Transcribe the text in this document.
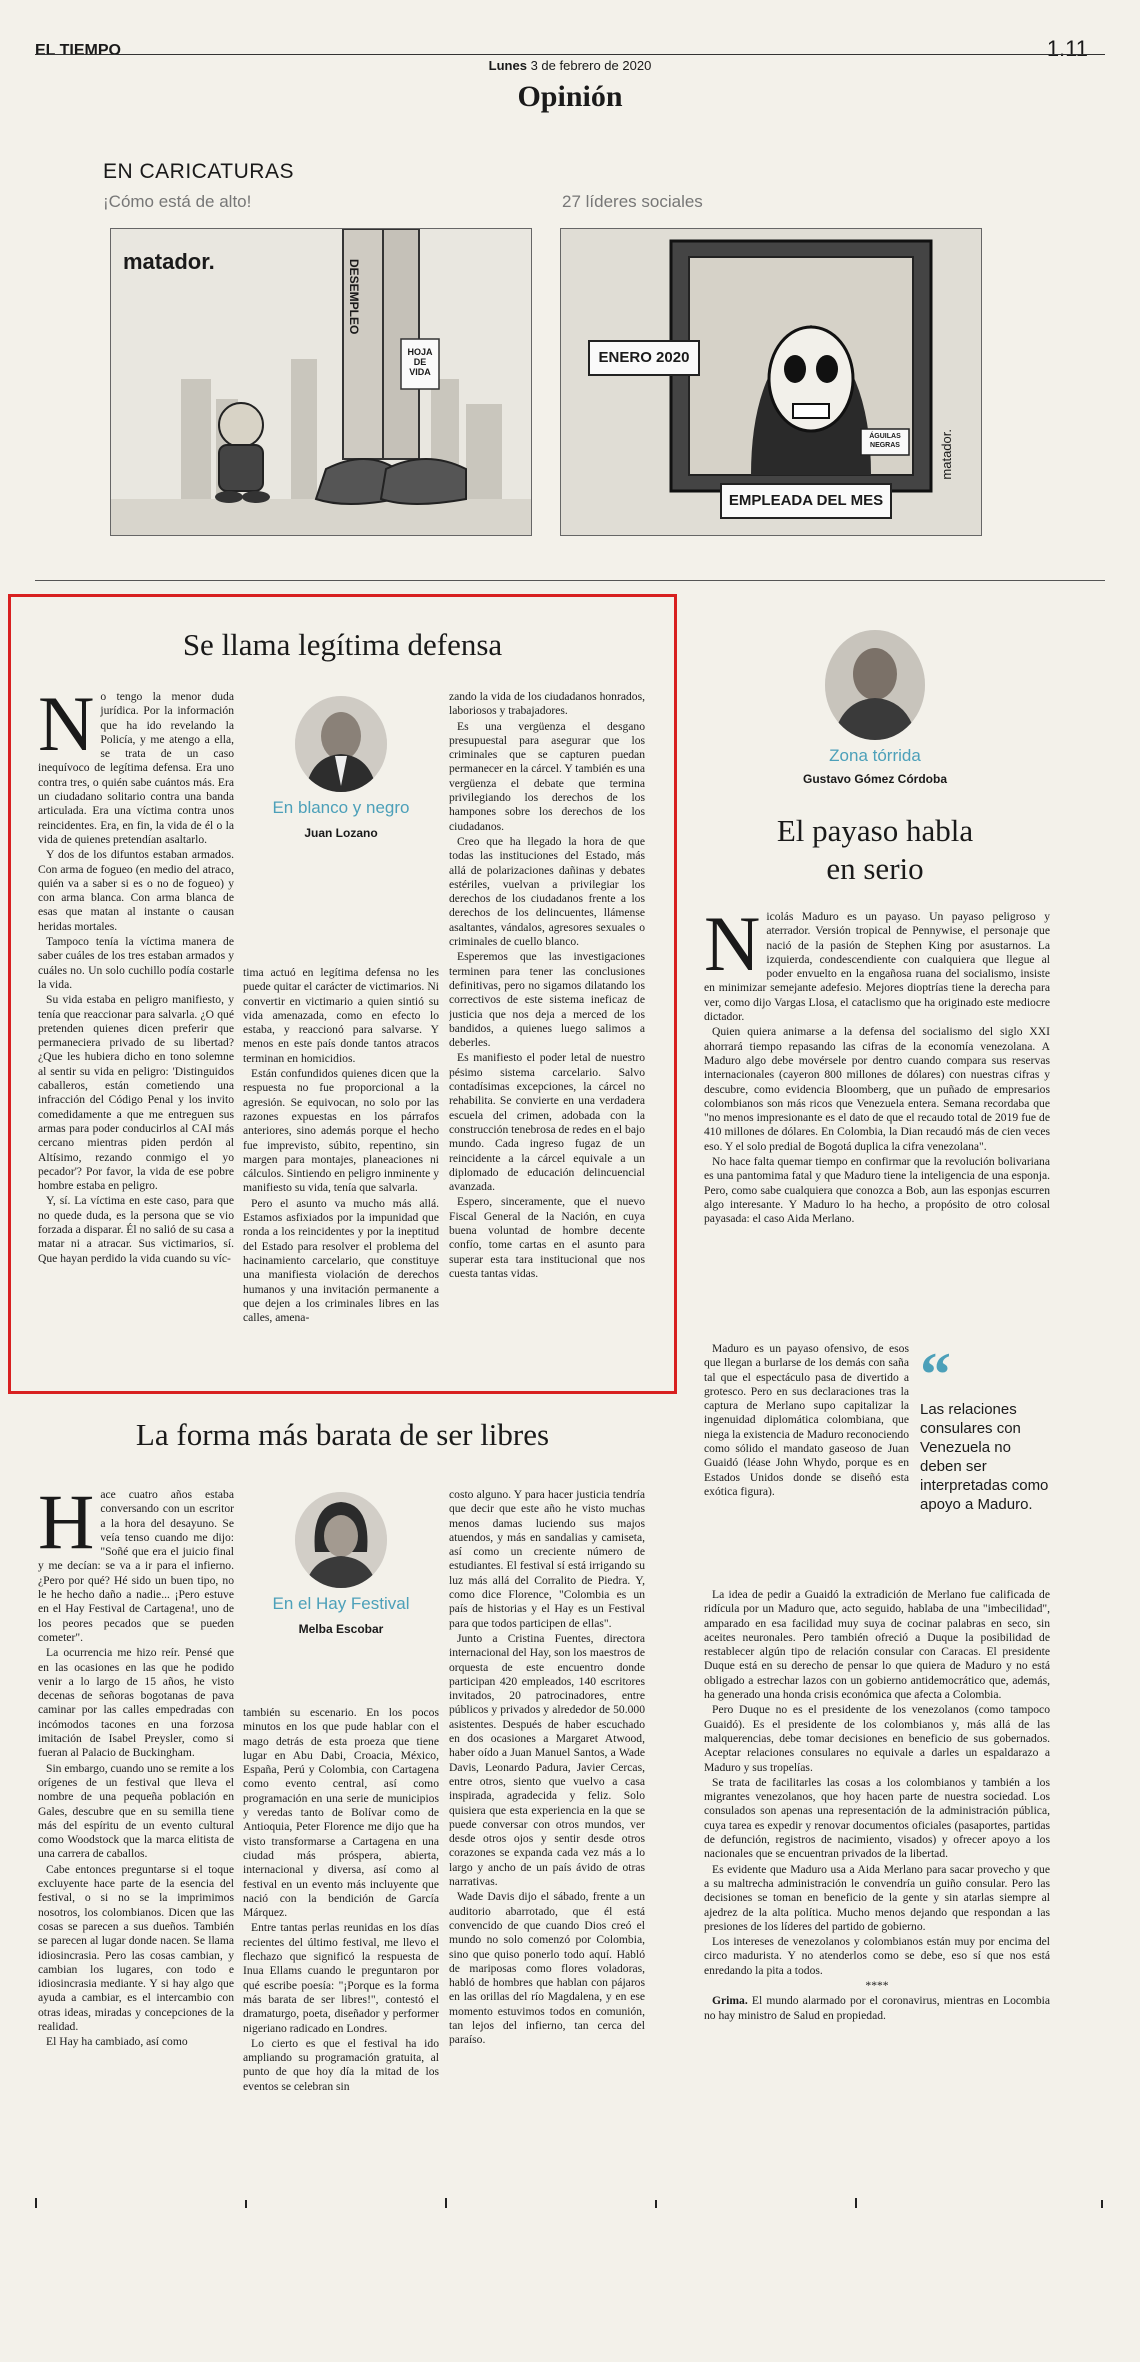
EL TIEMPO	1.11
Lunes 3 de febrero de 2020
Opinión
EN CARICATURAS
¡Cómo está de alto!	27 líderes sociales
matador.	DESEMPLEO
HOJA DE VIDA
ENERO 2020
ÁGUILAS NEGRAS
EMPLEADA DEL MES
matador.
Se llama legítima defensa
N o tengo la menor duda jurídica. Por la información que ha ido revelando la Policía, y me atengo a ella, se trata de un caso inequívoco de legítima defensa. Era uno contra tres, o quién sabe cuántos más. Era un ciudadano solitario contra una banda articulada. Era una víctima contra unos reincidentes. Era, en fin, la vida de él o la vida de quienes pretendían asaltarlo.

Y dos de los difuntos estaban armados. Con arma de fogueo (en medio del atraco, quién va a saber si es o no de fogueo) y con arma blanca. Con arma blanca de esas que matan al instante o causan heridas mortales.

Tampoco tenía la víctima manera de saber cuáles de los tres estaban armados y cuáles no. Un solo cuchillo podía costarle la vida.

Su vida estaba en peligro manifiesto, y tenía que reaccionar para salvarla. ¿O qué pretenden quienes dicen preferir que permaneciera privado de su libertad? ¿Que les hubiera dicho en tono solemne al sentir su vida en peligro: 'Distinguidos caballeros, están cometiendo una infracción del Código Penal y los invito comedidamente a que me entreguen sus armas para poder conducirlos al CAI más cercano mientras piden perdón al Altísimo, rezando conmigo el yo pecador'? Por favor, la vida de ese pobre hombre estaba en peligro.

Y, sí. La víctima en este caso, para que no quede duda, es la persona que se vio forzada a disparar. Él no salió de su casa a matar ni a atracar. Sus victimarios, sí. Que hayan perdido la vida cuando su víc-

En blanco y negro
Juan Lozano

tima actuó en legítima defensa no les puede quitar el carácter de victimarios. Ni convertir en victimario a quien sintió su vida amenazada, como en efecto lo estaba, y reaccionó para salvarse. Y menos en este país donde tantos atracos terminan en homicidios.

Están confundidos quienes dicen que la respuesta no fue proporcional a la agresión. Se equivocan, no solo por las razones expuestas en los párrafos anteriores, sino además porque el hecho fue imprevisto, súbito, repentino, sin margen para montajes, planeaciones ni cálculos. Sintiendo en peligro inminente y manifiesto su vida, tenía que salvarla.

Pero el asunto va mucho más allá. Estamos asfixiados por la impunidad que ronda a los reincidentes y por la ineptitud del Estado para resolver el problema del hacinamiento carcelario, que constituye una manifiesta violación de derechos humanos y una invitación permanente a que dejen a los criminales libres en las calles, amena-

zando la vida de los ciudadanos honrados, laboriosos y trabajadores.

Es una vergüenza el desgano presupuestal para asegurar que los criminales que se capturen puedan permanecer en la cárcel. Y también es una vergüenza el debate que termina privilegiando los derechos de los hampones sobre los derechos de los ciudadanos.

Creo que ha llegado la hora de que todas las instituciones del Estado, más allá de polarizaciones dañinas y debates estériles, vuelvan a privilegiar los derechos de los ciudadanos frente a los derechos de los delincuentes, llámense asaltantes, vándalos, agresores sexuales o criminales de cuello blanco.

Esperemos que las investigaciones terminen para tener las conclusiones definitivas, pero no sigamos dilatando los correctivos de este sistema ineficaz de justicia que nos deja a merced de los bandidos, a quienes luego salimos a deberles.

Es manifiesto el poder letal de nuestro pésimo sistema carcelario. Salvo contadísimas excepciones, la cárcel no rehabilita. Se convierte en una verdadera escuela del crimen, adobada con la construcción tenebrosa de redes en el bajo mundo. Cada ingreso fugaz de un reincidente a la cárcel equivale a un diplomado de educación delincuencial avanzada.

Espero, sinceramente, que el nuevo Fiscal General de la Nación, en cuya buena voluntad de hombre decente confío, tome cartas en el asunto para superar esta tara institucional que nos cuesta tantas vidas.

Zona tórrida
Gustavo Gómez Córdoba
El payaso habla
en serio
N icolás Maduro es un payaso. Un payaso peligroso y aterrador. Versión tropical de Pennywise, el personaje que nació de la pasión de Stephen King por asustarnos. La izquierda, condescendiente con cualquiera que llegue al poder envuelto en la engañosa ruana del socialismo, insiste en minimizar semejante adefesio. Mejores dioptrías tiene la derecha para ver, como dijo Vargas Llosa, el cataclismo que ha originado este mediocre dictador.

Quien quiera animarse a la defensa del socialismo del siglo XXI ahorrará tiempo repasando las cifras de la economía venezolana. A Maduro algo debe movérsele por dentro cuando compara sus reservas internacionales (cayeron 800 millones de dólares) con nuestras cifras y descubre, como evidencia Bloomberg, que un puñado de empresarios colombianos son más ricos que Venezuela entera. Semana recordaba que "no menos impresionante es el dato de que el recaudo total de 2019 fue de 410 millones de dólares. En Colombia, la Dian recaudó más de cien veces eso. Y el solo predial de Bogotá duplica la cifra venezolana".

No hace falta quemar tiempo en confirmar que la revolución bolivariana es una pantomima fatal y que Maduro tiene la inteligencia de una esponja. Pero, como sabe cualquiera que conozca a Bob, aun las esponjas escurren algo interesante. Y Maduro lo ha hecho, a propósito de otro colosal payasada: el caso Aida Merlano.

Maduro es un payaso ofensivo, de esos que llegan a burlarse de los demás con saña tal que el espectáculo pasa de divertido a grotesco. Pero en sus declaraciones tras la captura de Merlano supo capitalizar la ingenuidad diplomática colombiana, que niega la existencia de Maduro reconociendo como sólido el mandato gaseoso de Juan Guaidó (léase John Whydo, porque es en Estados Unidos donde se diseñó esta exótica figura).

“
Las relaciones consulares con Venezuela no deben ser interpretadas como apoyo a Maduro.

La idea de pedir a Guaidó la extradición de Merlano fue calificada de ridícula por un Maduro que, acto seguido, hablaba de una "imbecilidad", amparado en esa facilidad muy suya de cocinar palabras en seco, sin aceites neuronales. Pero también ofreció a Duque la posibilidad de restablecer algún tipo de relación consular con Caracas. El presidente Duque está en su derecho de pensar lo que quiera de Maduro y no está obligado a estrechar lazos con un gobierno antidemocrático que, además, ha generado una honda crisis económica que afecta a Colombia.

Pero Duque no es el presidente de los venezolanos (como tampoco Guaidó). Es el presidente de los colombianos y, más allá de las malquerencias, debe tomar decisiones en beneficio de sus gobernados. Aceptar relaciones consulares no equivale a darles un espaldarazo a Maduro y sus tropelías.

Se trata de facilitarles las cosas a los colombianos y también a los migrantes venezolanos, que hoy hacen parte de nuestra sociedad. Los consulados son apenas una representación de la administración pública, cuya tarea es expedir y renovar documentos oficiales (pasaportes, partidas de defunción, registros de nacimiento, visados) y ofrecer apoyo a los nacionales que se encuentran privados de la libertad.

Es evidente que Maduro usa a Aida Merlano para sacar provecho y que a su maltrecha administración le convendría un guiño consular. Pero las decisiones se toman en beneficio de la gente y sin atarlas siempre al ajedrez de la alta política. Mucho menos dejando que respondan a las presiones de los líderes del partido de gobierno.

Los intereses de venezolanos y colombianos están muy por encima del circo madurista. Y no atenderlos como se debe, eso sí que nos está enredando la pita a todos.

****

Grima. El mundo alarmado por el coronavirus, mientras en Locombia no hay ministro de Salud en propiedad.

La forma más barata de ser libres
H ace cuatro años estaba conversando con un escritor a la hora del desayuno. Se veía tenso cuando me dijo: "Soñé que era el juicio final y me decían: se va a ir para el infierno. ¿Pero por qué? Hé sido un buen tipo, no le he hecho daño a nadie... ¡Pero estuve en el Hay Festival de Cartagena!, uno de los peores pecados que se pueden cometer".

La ocurrencia me hizo reír. Pensé que en las ocasiones en las que he podido venir a lo largo de 15 años, he visto decenas de señoras bogotanas de pava caminar por las calles empedradas con incómodos tacones en una forzosa imitación de Isabel Preysler, como si fueran al Palacio de Buckingham.

Sin embargo, cuando uno se remite a los orígenes de un festival que lleva el nombre de una pequeña población en Gales, descubre que en su semilla tiene más del espíritu de un evento cultural como Woodstock que la marca elitista de una carrera de caballos.

Cabe entonces preguntarse si el toque excluyente hace parte de la esencia del festival, o si no se la imprimimos nosotros, los colombianos. Dicen que las cosas se parecen a sus dueños. También se parecen al lugar donde nacen. Se llama idiosincrasia. Pero las cosas cambian, y cambian los lugares, con todo e idiosincrasia mediante. Y si hay algo que ayuda a cambiar, es el intercambio con otras ideas, miradas y concepciones de la realidad.

El Hay ha cambiado, así como

En el Hay Festival
Melba Escobar

también su escenario. En los pocos minutos en los que pude hablar con el mago detrás de esta proeza que tiene lugar en Abu Dabi, Croacia, México, España, Perú y Colombia, con Cartagena como evento central, así como programación en una serie de municipios y veredas tanto de Bolívar como de Antioquia, Peter Florence me dijo que ha visto transformarse a Cartagena en una ciudad más próspera, abierta, internacional y diversa, así como al festival en un evento más incluyente que nació con la bendición de García Márquez.

Entre tantas perlas reunidas en los días recientes del último festival, me llevo el flechazo que significó la respuesta de Inua Ellams cuando le preguntaron por qué escribe poesía: "¡Porque es la forma más barata de ser libres!", contestó el dramaturgo, poeta, diseñador y performer nigeriano radicado en Londres.

Lo cierto es que el festival ha ido ampliando su programación gratuita, al punto de que hoy día la mitad de los eventos se celebran sin

costo alguno. Y para hacer justicia tendría que decir que este año he visto muchas menos damas luciendo sus majos atuendos, y más en sandalias y camiseta, así como un creciente número de estudiantes. El festival sí está irrigando su luz más allá del Corralito de Piedra. Y, como dice Florence, "Colombia es un país de historias y el Hay es un Festival para que todos participen de ellas".

Junto a Cristina Fuentes, directora internacional del Hay, son los maestros de orquesta de este encuentro donde participan 420 empleados, 140 escritores invitados, 20 patrocinadores, entre públicos y privados y alrededor de 50.000 asistentes. Después de haber escuchado en dos ocasiones a Margaret Atwood, haber oído a Juan Manuel Santos, a Wade Davis, Leonardo Padura, Javier Cercas, entre otros, siento que vuelvo a casa inspirada, agradecida y feliz. Solo quisiera que esta experiencia en la que se puede conversar con otros mundos, ver desde otros ojos y sentir desde otros corazones se expanda cada vez más a lo largo y ancho de un país ávido de otras narrativas.

Wade Davis dijo el sábado, frente a un auditorio abarrotado, que él está convencido de que cuando Dios creó el mundo no solo comenzó por Colombia, sino que quiso ponerlo todo aquí. Habló de mariposas como flores voladoras, habló de hombres que hablan con pájaros en las orillas del río Magdalena, y en ese momento estuvimos todos en comunión, tan lejos del infierno, tan cerca del paraíso.
